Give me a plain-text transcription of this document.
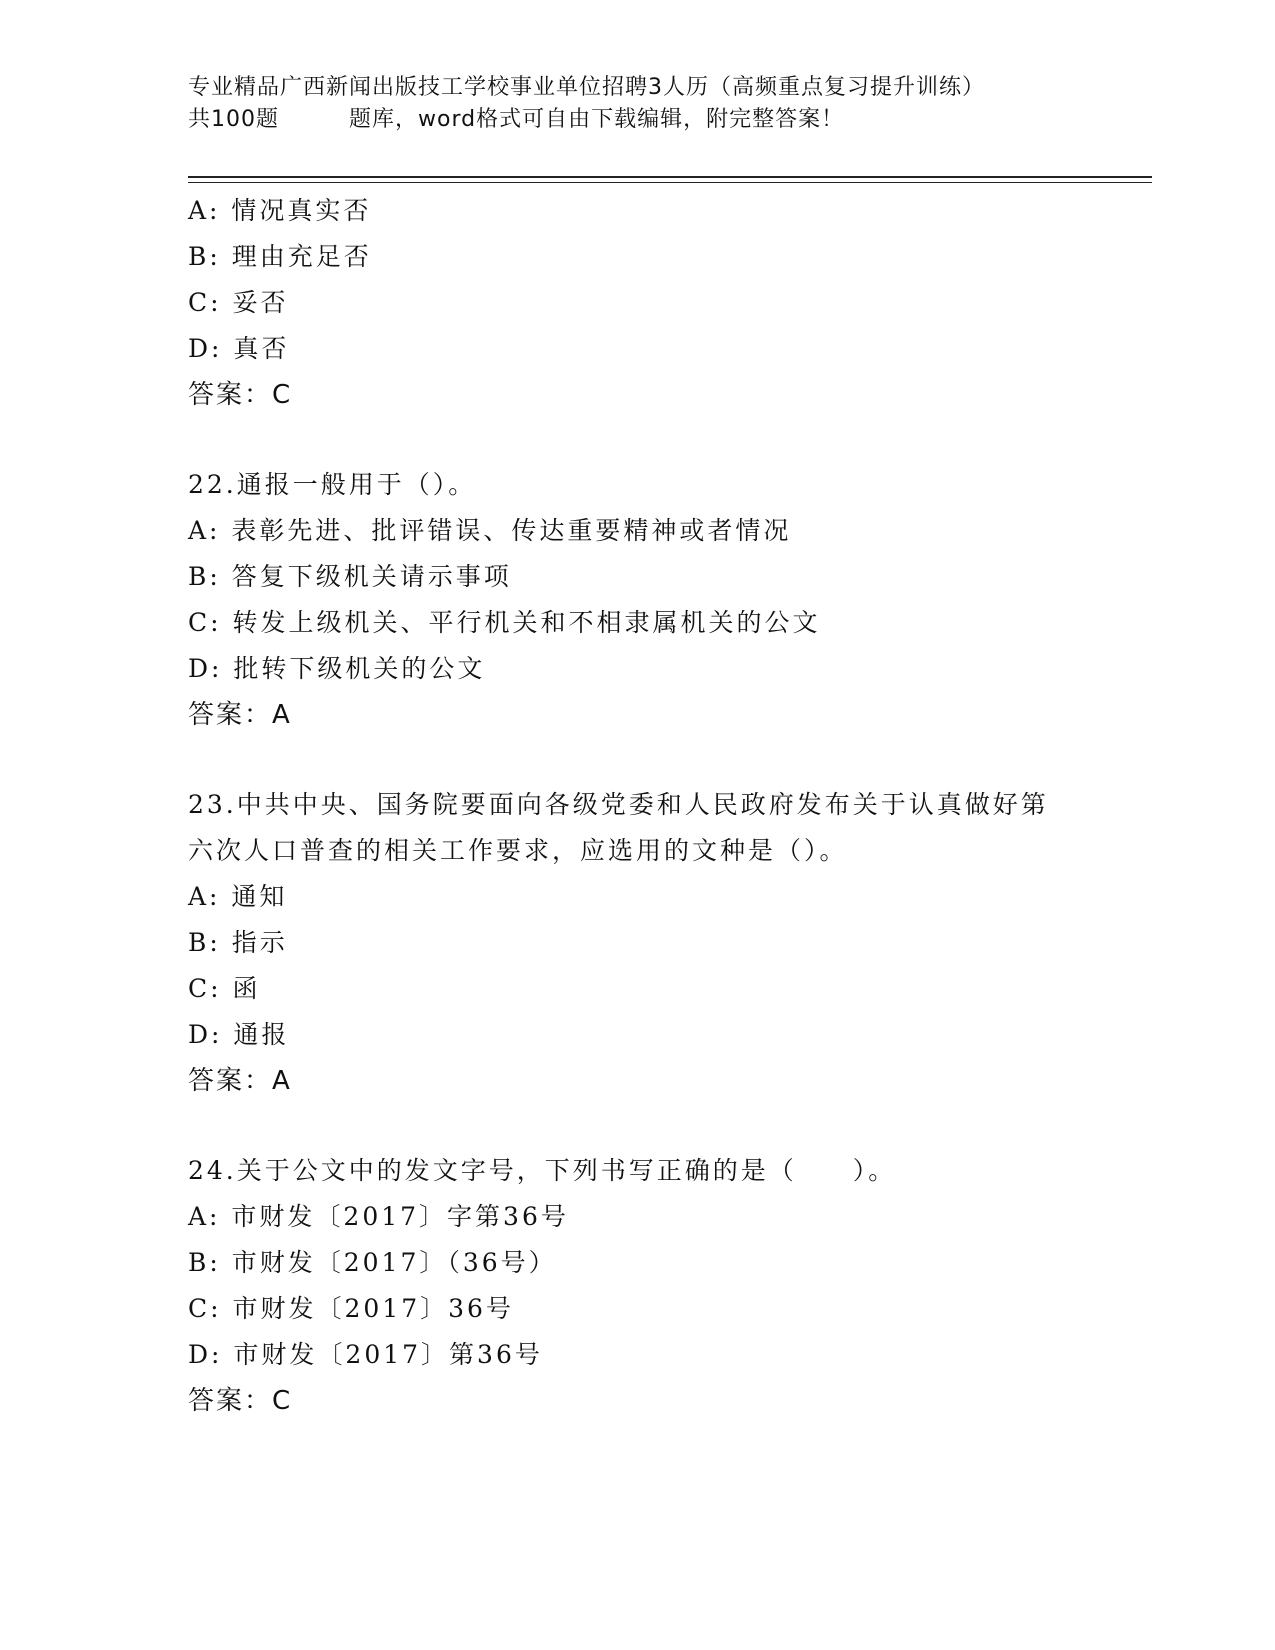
专业精品广西新闻出版技工学校事业单位招聘3人历（高频重点复习提升训练）
共100题	题库，word格式可自由下载编辑，附完整答案！
A: 情况真实否
B: 理由充足否
C: 妥否
D: 真否
答案：C
22.通报一般用于（）。
A: 表彰先进、批评错误、传达重要精神或者情况
B: 答复下级机关请示事项
C: 转发上级机关、平行机关和不相隶属机关的公文
D: 批转下级机关的公文
答案：A
23.中共中央、国务院要面向各级党委和人民政府发布关于认真做好第
六次人口普查的相关工作要求，应选用的文种是（）。
A: 通知
B: 指示
C: 函
D: 通报
答案：A
24.关于公文中的发文字号，下列书写正确的是（　　）。
A: 市财发〔2017〕字第36号
B: 市财发〔2017〕（36号）
C: 市财发〔2017〕36号
D: 市财发〔2017〕第36号
答案：C
